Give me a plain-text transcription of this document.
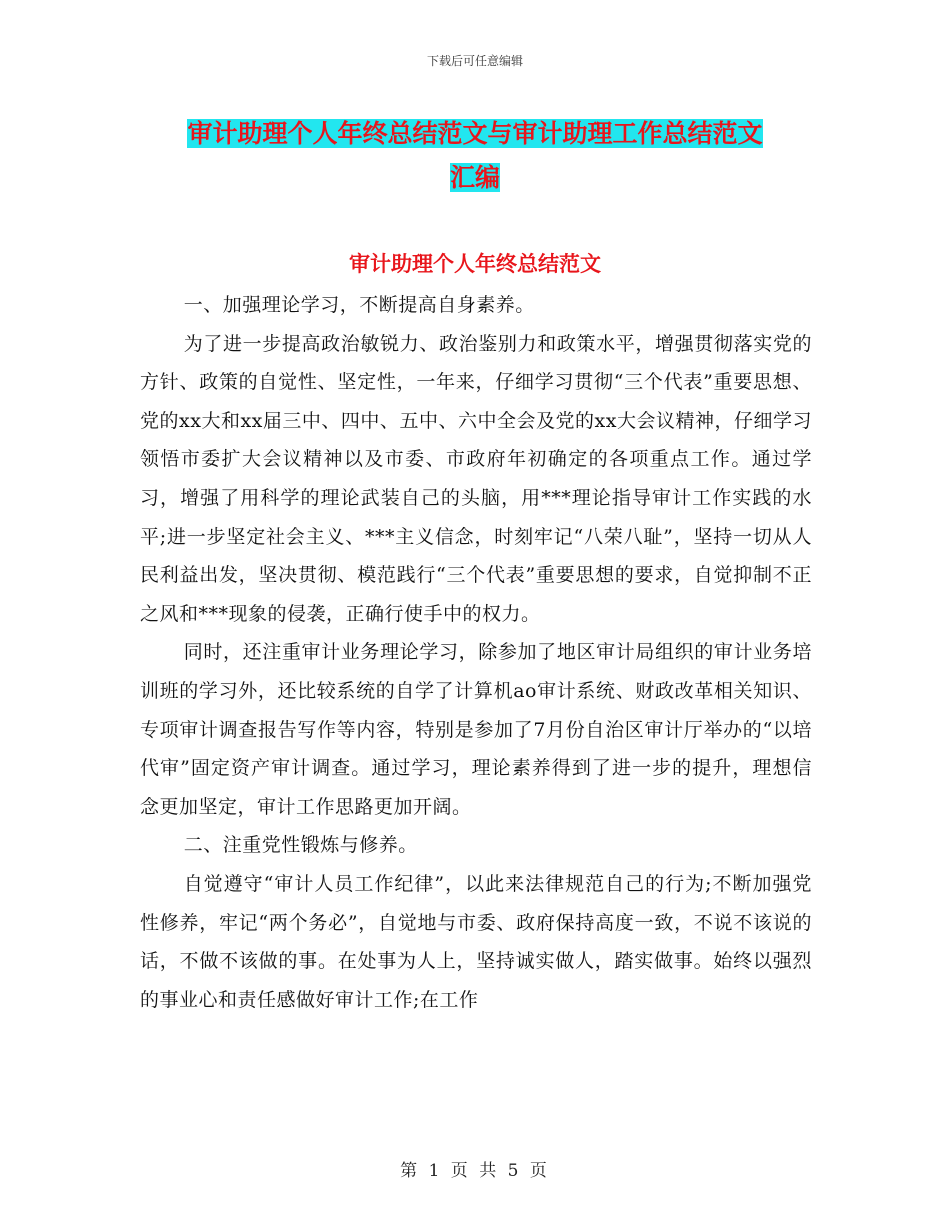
下载后可任意编辑
审计助理个人年终总结范文与审计助理工作总结范文
汇编
审计助理个人年终总结范文

一、加强理论学习，不断提高自身素养。

为了进一步提高政治敏锐力、政治鉴别力和政策水平，增强贯彻落实党的方针、政策的自觉性、坚定性，一年来，仔细学习贯彻“三个代表”重要思想、党的xx大和xx届三中、四中、五中、六中全会及党的xx大会议精神，仔细学习领悟市委扩大会议精神以及市委、市政府年初确定的各项重点工作。通过学习，增强了用科学的理论武装自己的头脑，用***理论指导审计工作实践的水平;进一步坚定社会主义、***主义信念，时刻牢记“八荣八耻”，坚持一切从人民利益出发，坚决贯彻、模范践行“三个代表”重要思想的要求，自觉抑制不正之风和***现象的侵袭，正确行使手中的权力。

同时，还注重审计业务理论学习，除参加了地区审计局组织的审计业务培训班的学习外，还比较系统的自学了计算机ao审计系统、财政改革相关知识、专项审计调查报告写作等内容，特别是参加了7月份自治区审计厅举办的“以培代审”固定资产审计调查。通过学习，理论素养得到了进一步的提升，理想信念更加坚定，审计工作思路更加开阔。

二、注重党性锻炼与修养。

自觉遵守“审计人员工作纪律”，以此来法律规范自己的行为;不断加强党性修养，牢记“两个务必”，自觉地与市委、政府保持高度一致，不说不该说的话，不做不该做的事。在处事为人上，坚持诚实做人，踏实做事。始终以强烈的事业心和责任感做好审计工作;在工作

第 1 页 共 5 页
